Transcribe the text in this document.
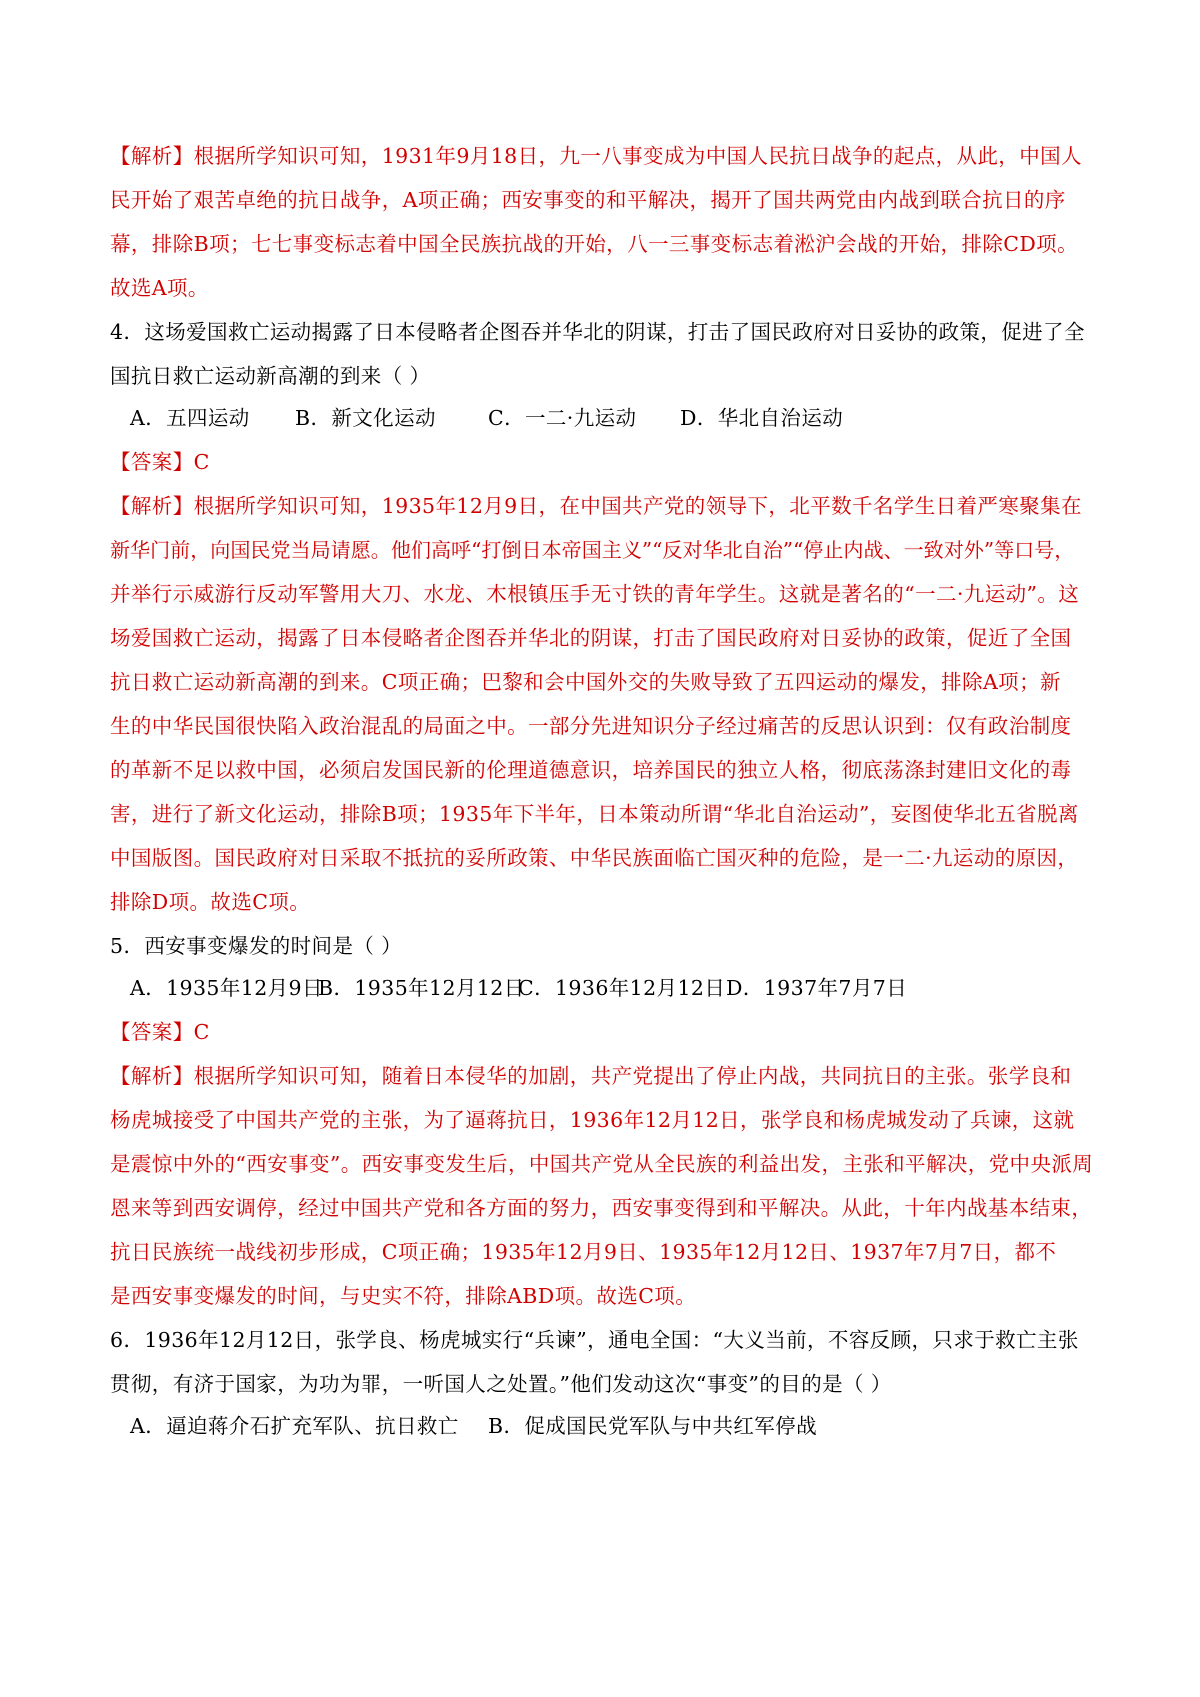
【解析】根据所学知识可知，1931年9月18日，九一八事变成为中国人民抗日战争的起点，从此，中国人
民开始了艰苦卓绝的抗日战争，A项正确；西安事变的和平解决，揭开了国共两党由内战到联合抗日的序
幕，排除B项；七七事变标志着中国全民族抗战的开始，八一三事变标志着淞沪会战的开始，排除CD项。
故选A项。
4．这场爱国救亡运动揭露了日本侵略者企图吞并华北的阴谋，打击了国民政府对日妥协的政策，促进了全
国抗日救亡运动新高潮的到来（ ）
A．五四运动 B．新文化运动	C．一二·九运动 D．华北自治运动
【答案】C
【解析】根据所学知识可知，1935年12月9日，在中国共产党的领导下，北平数千名学生日着严寒聚集在
新华门前，向国民党当局请愿。他们高呼“打倒日本帝国主义”“反对华北自治”“停止内战、一致对外”等口号，
并举行示威游行反动军警用大刀、水龙、木根镇压手无寸铁的青年学生。这就是著名的“一二·九运动”。这
场爱国救亡运动，揭露了日本侵略者企图吞并华北的阴谋，打击了国民政府对日妥协的政策，促近了全国
抗日救亡运动新高潮的到来。C项正确；巴黎和会中国外交的失败导致了五四运动的爆发，排除A项；新
生的中华民国很快陷入政治混乱的局面之中。一部分先进知识分子经过痛苦的反思认识到：仅有政治制度
的革新不足以救中国，必须启发国民新的伦理道德意识，培养国民的独立人格，彻底荡涤封建旧文化的毒
害，进行了新文化运动，排除B项；1935年下半年，日本策动所谓“华北自治运动”，妄图使华北五省脱离
中国版图。国民政府对日采取不抵抗的妥所政策、中华民族面临亡国灭种的危险，是一二·九运动的原因，
排除D项。故选C项。
5．西安事变爆发的时间是（ ）
A．1935年12月9日
B．1935年12月12日
C．1936年12月12日 D．1937年7月7日
【答案】C
【解析】根据所学知识可知，随着日本侵华的加剧，共产党提出了停止内战，共同抗日的主张。张学良和
杨虎城接受了中国共产党的主张，为了逼蒋抗日，1936年12月12日，张学良和杨虎城发动了兵谏，这就
是震惊中外的“西安事变”。西安事变发生后，中国共产党从全民族的利益出发，主张和平解决，党中央派周
恩来等到西安调停，经过中国共产党和各方面的努力，西安事变得到和平解决。从此，十年内战基本结束，
抗日民族统一战线初步形成，C项正确；1935年12月9日、1935年12月12日、1937年7月7日，都不
是西安事变爆发的时间，与史实不符，排除ABD项。故选C项。
6．1936年12月12日，张学良、杨虎城实行“兵谏”，通电全国：“大义当前，不容反顾，只求于救亡主张
贯彻，有济于国家，为功为罪，一听国人之处置。”他们发动这次“事变”的目的是（ ）
A．逼迫蒋介石扩充军队、抗日救亡 B．促成国民党军队与中共红军停战
